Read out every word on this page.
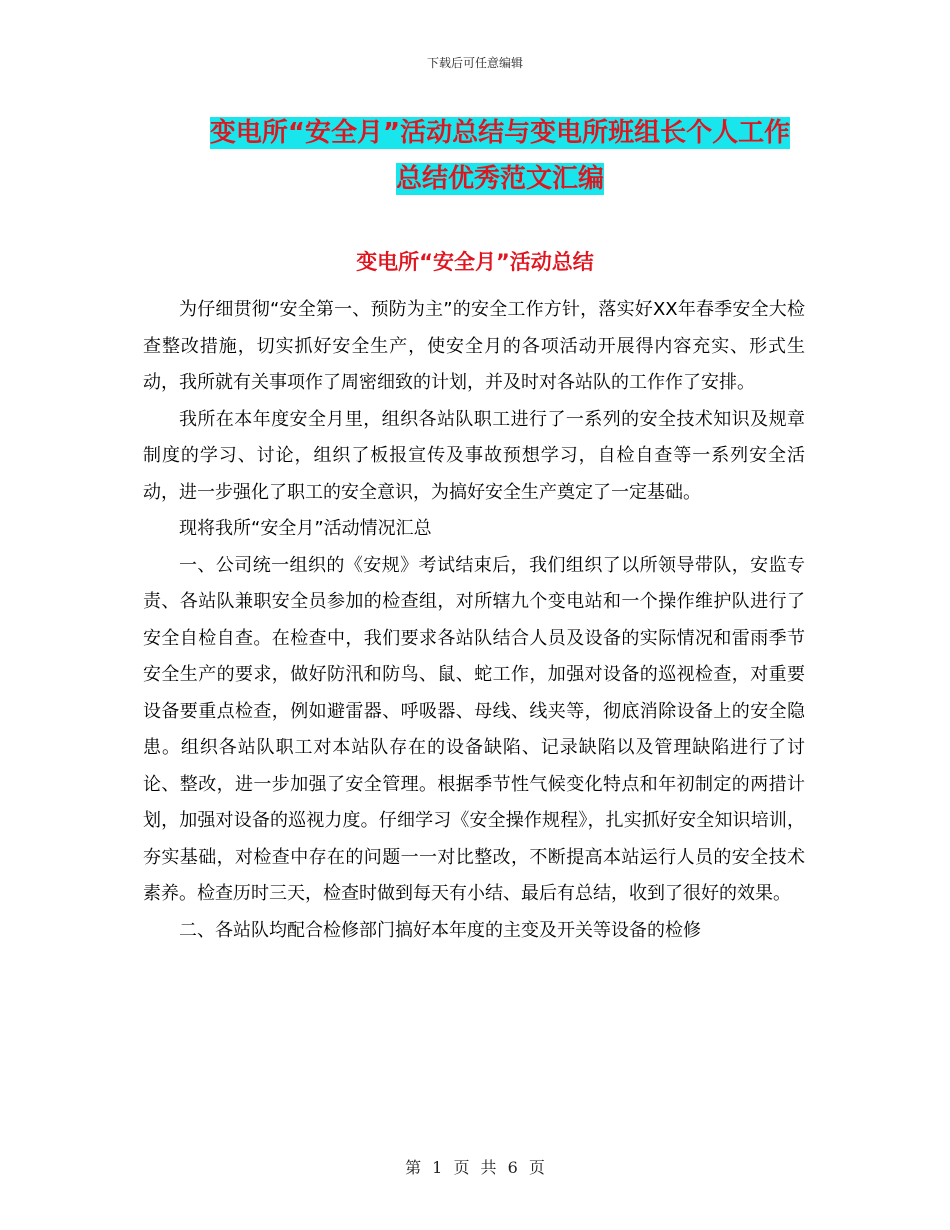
下载后可任意编辑
变电所“安全月”活动总结与变电所班组长个人工作
总结优秀范文汇编
变电所“安全月”活动总结

为仔细贯彻“安全第一、预防为主”的安全工作方针，落实好XX年春季安全大检查整改措施，切实抓好安全生产，使安全月的各项活动开展得内容充实、形式生动，我所就有关事项作了周密细致的计划，并及时对各站队的工作作了安排。

我所在本年度安全月里，组织各站队职工进行了一系列的安全技术知识及规章制度的学习、讨论，组织了板报宣传及事故预想学习，自检自查等一系列安全活动，进一步强化了职工的安全意识，为搞好安全生产奠定了一定基础。

现将我所“安全月”活动情况汇总

一、公司统一组织的《安规》考试结束后，我们组织了以所领导带队，安监专责、各站队兼职安全员参加的检查组，对所辖九个变电站和一个操作维护队进行了安全自检自查。在检查中，我们要求各站队结合人员及设备的实际情况和雷雨季节安全生产的要求，做好防汛和防鸟、鼠、蛇工作，加强对设备的巡视检查，对重要设备要重点检查，例如避雷器、呼吸器、母线、线夹等，彻底消除设备上的安全隐患。组织各站队职工对本站队存在的设备缺陷、记录缺陷以及管理缺陷进行了讨论、整改，进一步加强了安全管理。根据季节性气候变化特点和年初制定的两措计划，加强对设备的巡视力度。仔细学习《安全操作规程》，扎实抓好安全知识培训，夯实基础，对检查中存在的问题一一对比整改，不断提高本站运行人员的安全技术素养。检查历时三天，检查时做到每天有小结、最后有总结，收到了很好的效果。

二、各站队均配合检修部门搞好本年度的主变及开关等设备的检修

第 1 页 共 6 页
